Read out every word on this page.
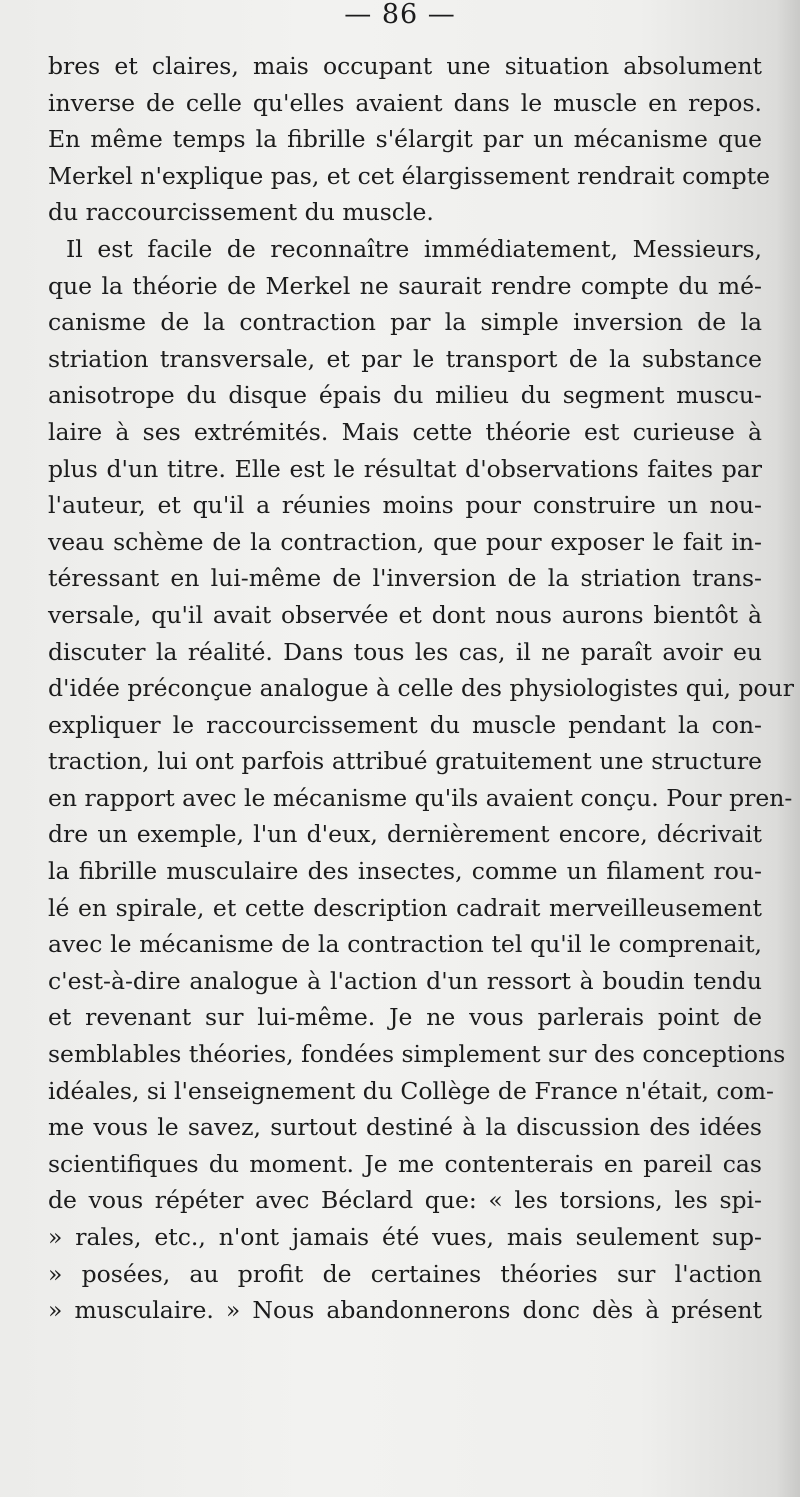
— 86 —
bres et claires, mais occupant une situation absolument
inverse de celle qu'elles avaient dans le muscle en repos.
En même temps la fibrille s'élargit par un mécanisme que
Merkel n'explique pas, et cet élargissement rendrait compte
du raccourcissement du muscle.
Il est facile de reconnaître immédiatement, Messieurs,
que la théorie de Merkel ne saurait rendre compte du mé-
canisme de la contraction par la simple inversion de la
striation transversale, et par le transport de la substance
anisotrope du disque épais du milieu du segment muscu-
laire à ses extrémités. Mais cette théorie est curieuse à
plus d'un titre. Elle est le résultat d'observations faites par
l'auteur, et qu'il a réunies moins pour construire un nou-
veau schème de la contraction, que pour exposer le fait in-
téressant en lui-même de l'inversion de la striation trans-
versale, qu'il avait observée et dont nous aurons bientôt à
discuter la réalité. Dans tous les cas, il ne paraît avoir eu
d'idée préconçue analogue à celle des physiologistes qui, pour
expliquer le raccourcissement du muscle pendant la con-
traction, lui ont parfois attribué gratuitement une structure
en rapport avec le mécanisme qu'ils avaient conçu. Pour pren-
dre un exemple, l'un d'eux, dernièrement encore, décrivait
la fibrille musculaire des insectes, comme un filament rou-
lé en spirale, et cette description cadrait merveilleusement
avec le mécanisme de la contraction tel qu'il le comprenait,
c'est-à-dire analogue à l'action d'un ressort à boudin tendu
et revenant sur lui-même. Je ne vous parlerais point de
semblables théories, fondées simplement sur des conceptions
idéales, si l'enseignement du Collège de France n'était, com-
me vous le savez, surtout destiné à la discussion des idées
scientifiques du moment. Je me contenterais en pareil cas
de vous répéter avec Béclard que: « les torsions, les spi-
» rales, etc., n'ont jamais été vues, mais seulement sup-
» posées, au profit de certaines théories sur l'action
» musculaire. » Nous abandonnerons donc dès à présent
